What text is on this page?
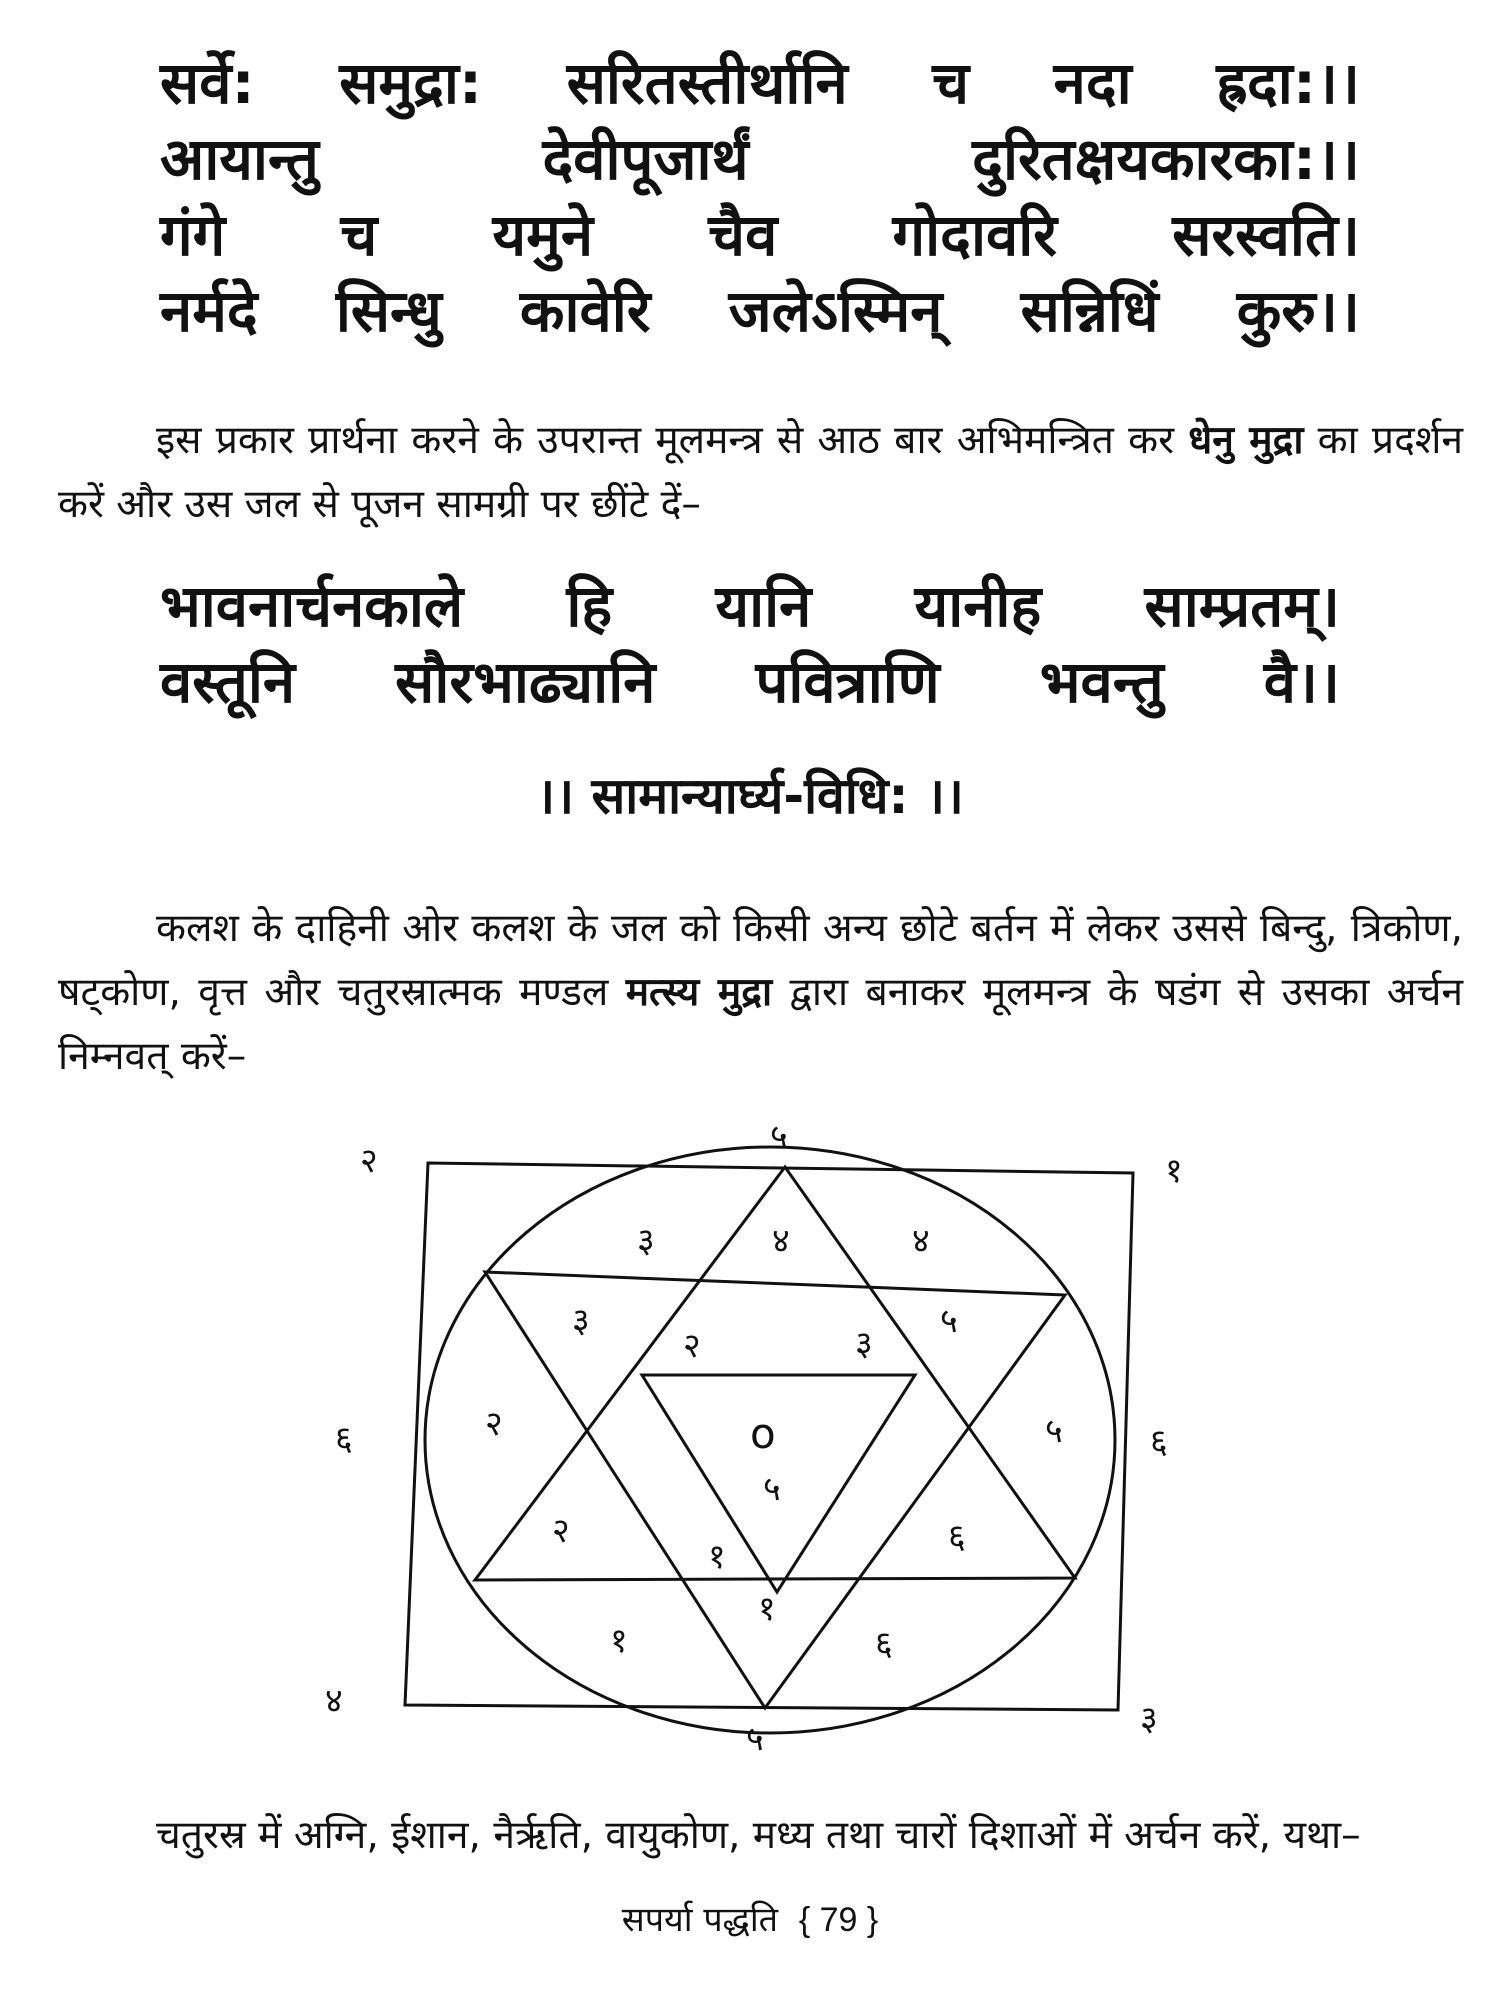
सर्वे: समुद्रा: सरितस्तीर्थानि च नदा ह्रदा:।।
आयान्तु	देवीपूजार्थं	दुरितक्षयकारका:।।
गंगे च यमुने चैव गोदावरि सरस्वति।
नर्मदे सिन्धु कावेरि जलेऽस्मिन् सन्निधिं कुरु।।

इस प्रकार प्रार्थना करने के उपरान्त मूलमन्त्र से आठ बार अभिमन्त्रित कर धेनु मुद्रा का प्रदर्शन करें और उस जल से पूजन सामग्री पर छींटे दें–

भावनार्चनकाले हि यानि यानीह साम्प्रतम्।
वस्तूनि सौरभाढ्यानि पवित्राणि भवन्तु वै।।
।। सामान्यार्घ्य-विधि: ।।

कलश के दाहिनी ओर कलश के जल को किसी अन्य छोटे बर्तन में लेकर उससे बिन्दु, त्रिकोण, षट्कोण, वृत्त और चतुरस्रात्मक मण्डल मत्स्य मुद्रा द्वारा बनाकर मूलमन्त्र के षडंग से उसका अर्चन निम्नवत् करें–

२	१
६	६
४	३
५
५
३	४	४
२	५
१	६
३
२	३
५
२
१	६
१
ο
५

चतुरस्र में अग्नि, ईशान, नैर्ऋति, वायुकोण, मध्य तथा चारों दिशाओं में अर्चन करें, यथा–

सपर्या पद्धति { 79 }
